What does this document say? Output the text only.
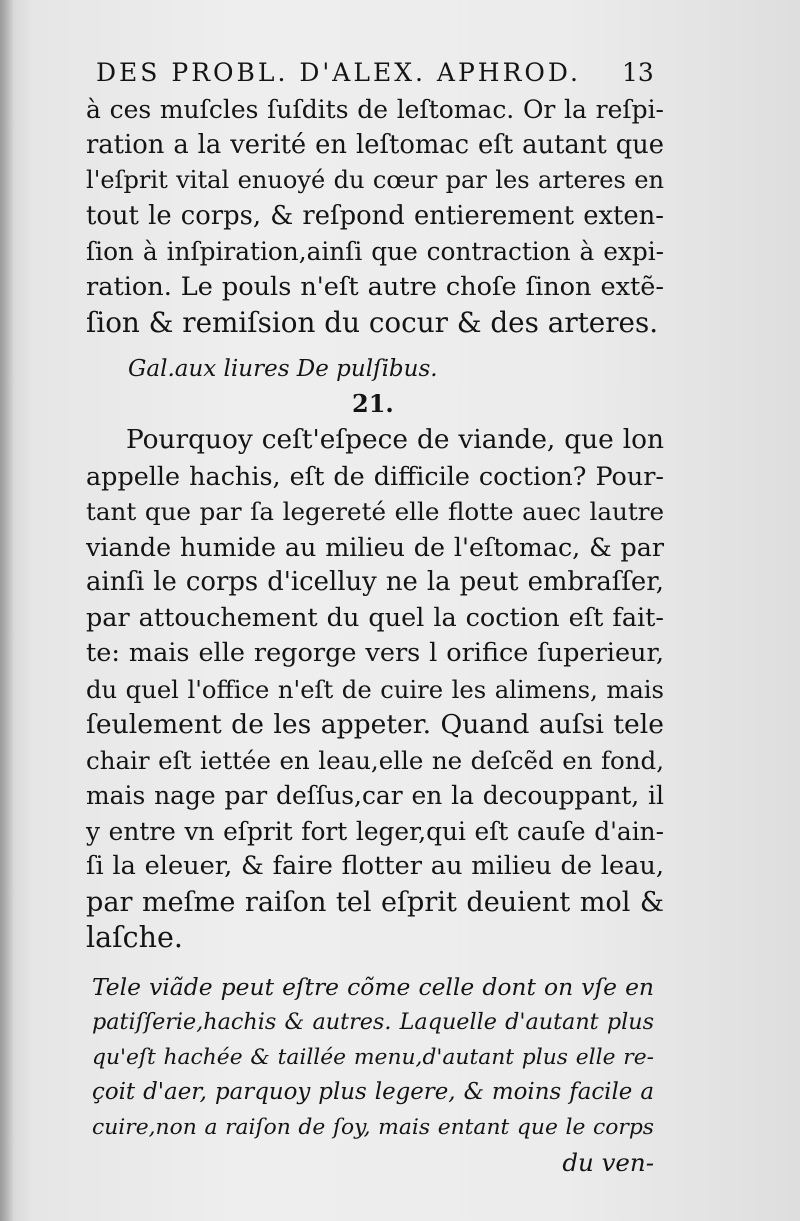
DES PROBL. D'ALEX. APHROD.	13
à ces muſcles ſuſdits de leſtomac. Or la reſpi-
ration a la verité en leſtomac eſt autant que
l'eſprit vital enuoyé du cœur par les arteres en
tout le corps, & reſpond entierement exten-
ſion à inſpiration,ainſi que contraction à expi-
ration. Le pouls n'eſt autre choſe ſinon extẽ-
ſion & remiſsion du cocur & des arteres.
Gal.aux liures De pulſibus.
21.
Pourquoy ceſt'eſpece de viande, que lon
appelle hachis, eſt de difficile coction? Pour-
tant que par ſa legereté elle flotte auec lautre
viande humide au milieu de l'eſtomac, & par
ainſi le corps d'icelluy ne la peut embraſſer,
par attouchement du quel la coction eſt fait-
te: mais elle regorge vers l orifice ſuperieur,
du quel l'office n'eſt de cuire les alimens, mais
ſeulement de les appeter. Quand auſsi tele
chair eſt iettée en leau,elle ne deſcẽd en fond,
mais nage par deſſus,car en la decouppant, il
y entre vn eſprit fort leger,qui eſt cauſe d'ain-
ſi la eleuer, & faire flotter au milieu de leau,
par meſme raiſon tel eſprit deuient mol &
laſche.
Tele viãde peut eſtre cõme celle dont on vſe en
patiſſerie,hachis & autres. Laquelle d'autant plus
qu'eſt hachée & taillée menu,d'autant plus elle re-
çoit d'aer, parquoy plus legere, & moins facile a
cuire,non a raiſon de ſoy, mais entant que le corps
du ven-
